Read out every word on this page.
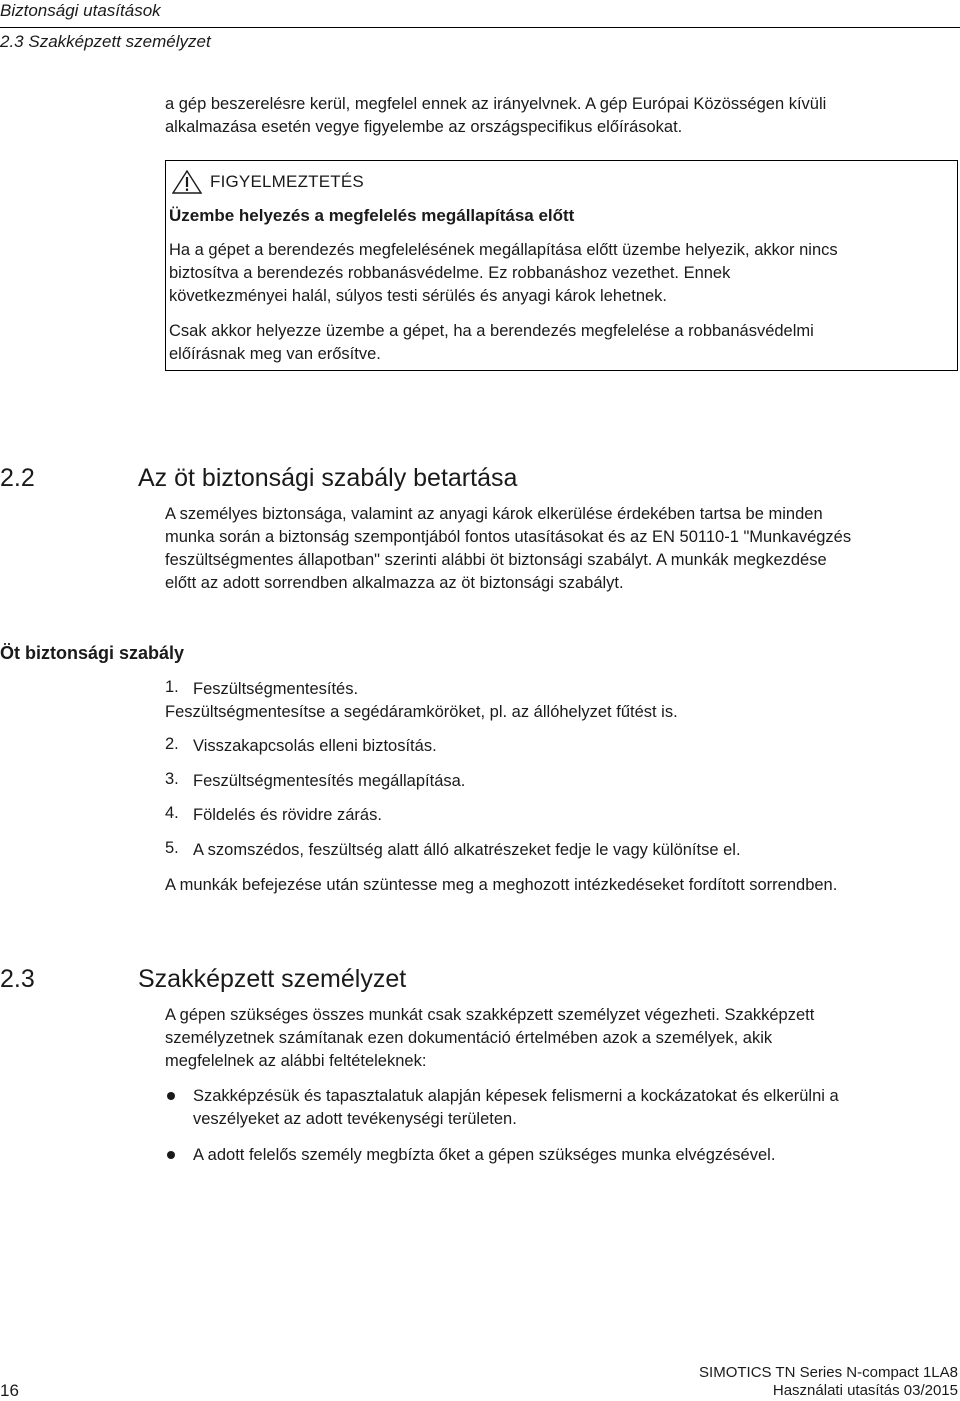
Biztonsági utasítások
2.3 Szakképzett személyzet
a gép beszerelésre kerül, megfelel ennek az irányelvnek. A gép Európai Közösségen kívüli
alkalmazása esetén vegye figyelembe az országspecifikus előírásokat.
FIGYELMEZTETÉS
Üzembe helyezés a megfelelés megállapítása előtt
Ha a gépet a berendezés megfelelésének megállapítása előtt üzembe helyezik, akkor nincs
biztosítva a berendezés robbanásvédelme. Ez robbanáshoz vezethet. Ennek
következményei halál, súlyos testi sérülés és anyagi károk lehetnek.
Csak akkor helyezze üzembe a gépet, ha a berendezés megfelelése a robbanásvédelmi
előírásnak meg van erősítve.
2.2	Az öt biztonsági szabály betartása
A személyes biztonsága, valamint az anyagi károk elkerülése érdekében tartsa be minden
munka során a biztonság szempontjából fontos utasításokat és az EN 50110-1 "Munkavégzés
feszültségmentes állapotban" szerinti alábbi öt biztonsági szabályt. A munkák megkezdése
előtt az adott sorrendben alkalmazza az öt biztonsági szabályt.
Öt biztonsági szabály
1. Feszültségmentesítés.
Feszültségmentesítse a segédáramköröket, pl. az állóhelyzet fűtést is.
2. Visszakapcsolás elleni biztosítás.
3. Feszültségmentesítés megállapítása.
4. Földelés és rövidre zárás.
5. A szomszédos, feszültség alatt álló alkatrészeket fedje le vagy különítse el.
A munkák befejezése után szüntesse meg a meghozott intézkedéseket fordított sorrendben.
2.3	Szakképzett személyzet
A gépen szükséges összes munkát csak szakképzett személyzet végezheti. Szakképzett
személyzetnek számítanak ezen dokumentáció értelmében azok a személyek, akik
megfelelnek az alábbi feltételeknek:
Szakképzésük és tapasztalatuk alapján képesek felismerni a kockázatokat és elkerülni a
veszélyeket az adott tevékenységi területen.
A adott felelős személy megbízta őket a gépen szükséges munka elvégzésével.
16
SIMOTICS TN Series N-compact 1LA8
Használati utasítás 03/2015
